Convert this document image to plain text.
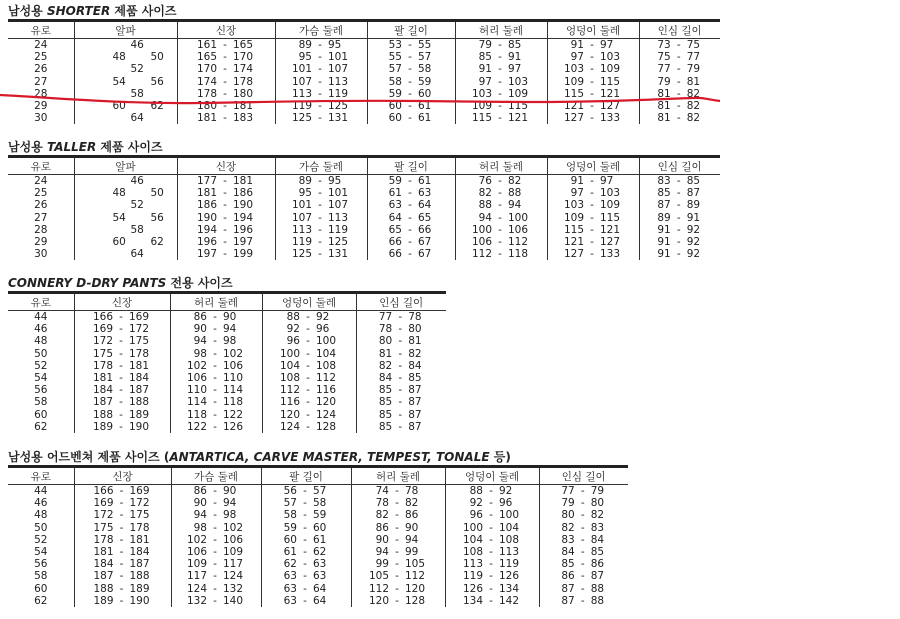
남성용 SHORTER 제품 사이즈
유로	알파	신장	가슴 둘레	팔 길이	허리 둘레	엉덩이 둘레	인심 길이
24	46	161 - 165	89 - 95	53 - 55	79 - 85	91 - 97	73 - 75

25	48 50	165 - 170	95 - 101	55 - 57	85 - 91	97 - 103	75 - 77

26	52	170 - 174	101 - 107	57 - 58	91 - 97	103 - 109	77 - 79

27	54 56	174 - 178	107 - 113	58 - 59	97 - 103	109 - 115	79 - 81

28	58	178 - 180	113 - 119	59 - 60	103 - 109	115 - 121	81 - 82

29	60 62	180 - 181	119 - 125	60 - 61	109 - 115	121 - 127	81 - 82

30	64	181 - 183	125 - 131	60 - 61	115 - 121	127 - 133	81 - 82
남성용 TALLER 제품 사이즈
유로	알파	신장	가슴 둘레	팔 길이	허리 둘레	엉덩이 둘레	인심 길이
24	46	177 - 181	89 - 95	59 - 61	76 - 82	91 - 97	83 - 85

25	48 50	181 - 186	95 - 101	61 - 63	82 - 88	97 - 103	85 - 87

26	52	186 - 190	101 - 107	63 - 64	88 - 94	103 - 109	87 - 89

27	54 56	190 - 194	107 - 113	64 - 65	94 - 100	109 - 115	89 - 91

28	58	194 - 196	113 - 119	65 - 66	100 - 106	115 - 121	91 - 92

29	60 62	196 - 197	119 - 125	66 - 67	106 - 112	121 - 127	91 - 92

30	64	197 - 199	125 - 131	66 - 67	112 - 118	127 - 133	91 - 92
CONNERY D-DRY PANTS 전용 사이즈
유로	신장	허리 둘레	엉덩이 둘레	인심 길이
44	166 - 169	86 - 90	88 - 92	77 - 78

46	169 - 172	90 - 94	92 - 96	78 - 80

48	172 - 175	94 - 98	96 - 100	80 - 81

50	175 - 178	98 - 102	100 - 104	81 - 82

52	178 - 181	102 - 106	104 - 108	82 - 84

54	181 - 184	106 - 110	108 - 112	84 - 85

56	184 - 187	110 - 114	112 - 116	85 - 87

58	187 - 188	114 - 118	116 - 120	85 - 87

60	188 - 189	118 - 122	120 - 124	85 - 87

62	189 - 190	122 - 126	124 - 128	85 - 87
남성용 어드벤쳐 제품 사이즈 (ANTARTICA, CARVE MASTER, TEMPEST, TONALE 등)
유로	신장	가슴 둘레	팔 길이	허리 둘레	엉덩이 둘레	인심 길이
44	166 - 169	86 - 90	56 - 57	74 - 78	88 - 92	77 - 79

46	169 - 172	90 - 94	57 - 58	78 - 82	92 - 96	79 - 80

48	172 - 175	94 - 98	58 - 59	82 - 86	96 - 100	80 - 82

50	175 - 178	98 - 102	59 - 60	86 - 90	100 - 104	82 - 83

52	178 - 181	102 - 106	60 - 61	90 - 94	104 - 108	83 - 84

54	181 - 184	106 - 109	61 - 62	94 - 99	108 - 113	84 - 85

56	184 - 187	109 - 117	62 - 63	99 - 105	113 - 119	85 - 86

58	187 - 188	117 - 124	63 - 63	105 - 112	119 - 126	86 - 87

60	188 - 189	124 - 132	63 - 64	112 - 120	126 - 134	87 - 88

62	189 - 190	132 - 140	63 - 64	120 - 128	134 - 142	87 - 88
